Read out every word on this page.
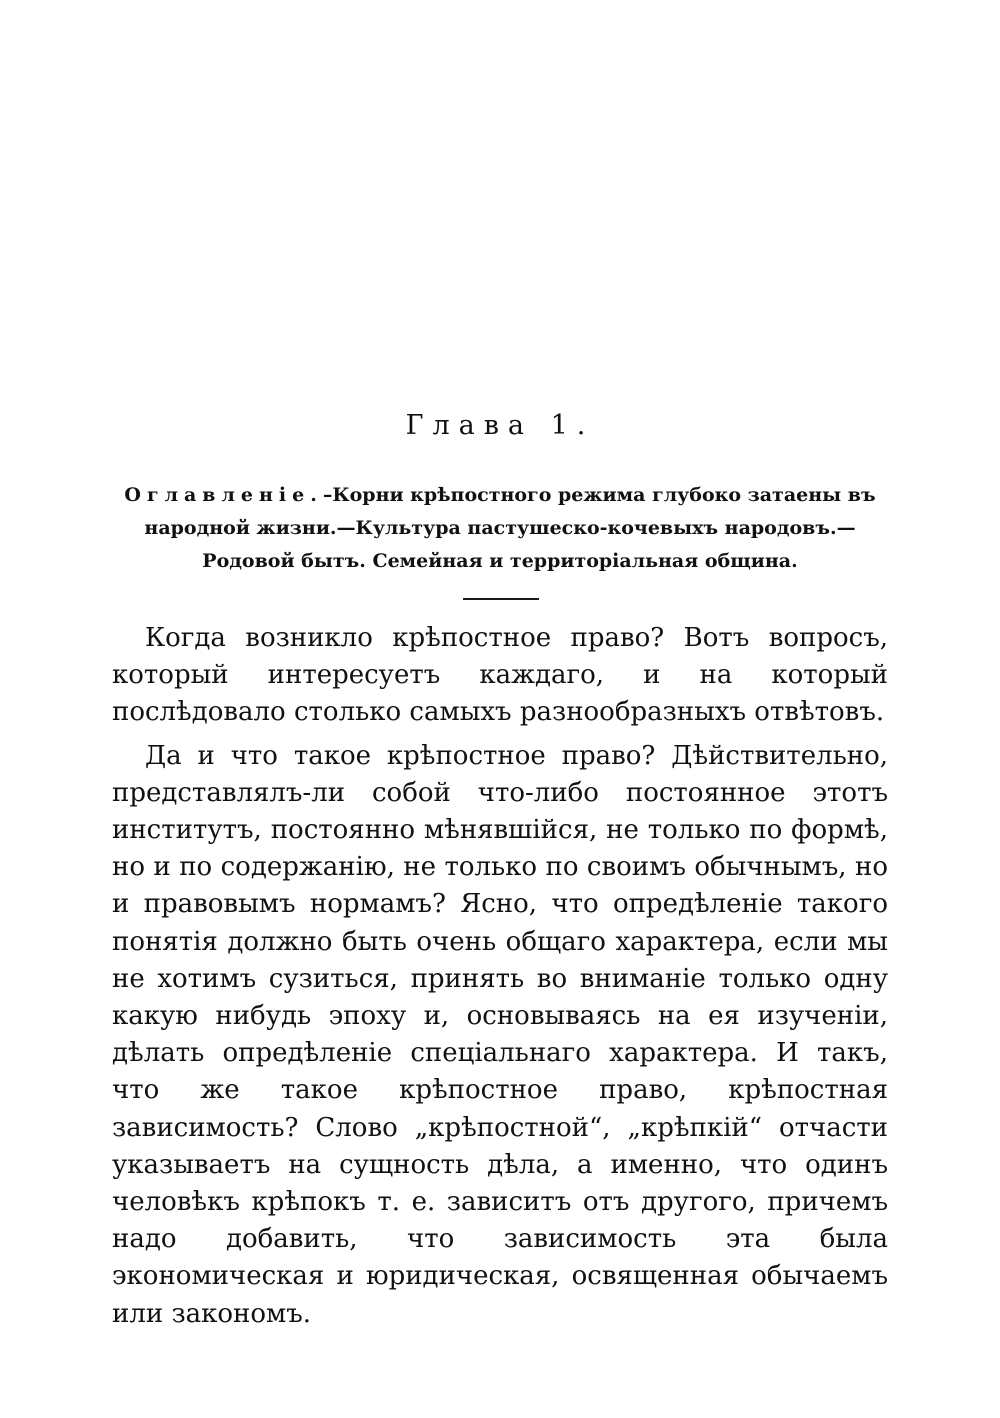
Глава 1.
Оглавленіе.–Корни крѣпостного режима глубоко затаены въ народной жизни.—Культура пастушеско-кочевыхъ народовъ.— Родовой бытъ. Семейная и территоріальная община.

Когда возникло крѣпостное право? Вотъ вопросъ, который интересуетъ каждаго, и на который послѣдовало столько самыхъ разнообразныхъ отвѣтовъ.

Да и что такое крѣпостное право? Дѣйствительно, представлялъ-ли собой что-либо постоянное этотъ институтъ, постоянно мѣнявшійся, не только по формѣ, но и по содержанію, не только по своимъ обычнымъ, но и правовымъ нормамъ? Ясно, что опредѣленіе такого понятія должно быть очень общаго характера, если мы не хотимъ сузиться, принять во вниманіе только одну какую нибудь эпоху и, основываясь на ея изученіи, дѣлать опредѣленіе спеціальнаго характера. И такъ, что же такое крѣпостное право, крѣпостная зависимость? Слово „крѣпостной“, „крѣпкій“ отчасти указываетъ на сущность дѣла, а именно, что одинъ человѣкъ крѣпокъ т. е. зависитъ отъ другого, причемъ надо добавить, что зависимость эта была экономическая и юридическая, освященная обычаемъ или закономъ.
